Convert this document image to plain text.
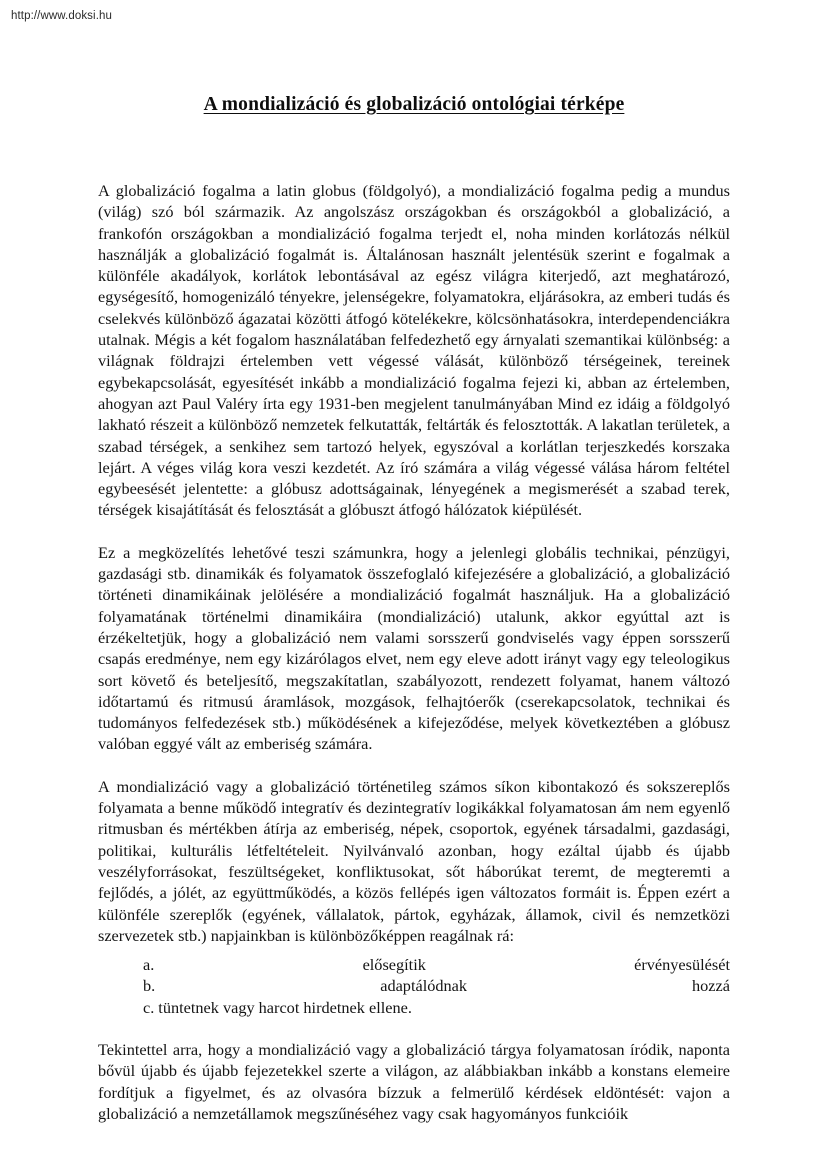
http://www.doksi.hu
A mondializáció és globalizáció ontológiai térképe

A globalizáció fogalma a latin globus (földgolyó), a mondializáció fogalma pedig a mundus (világ) szó ból származik. Az angolszász országokban és országokból a globalizáció, a frankofón országokban a mondializáció fogalma terjedt el, noha minden korlátozás nélkül használják a globalizáció fogalmát is. Általánosan használt jelentésük szerint e fogalmak a különféle akadályok, korlátok lebontásával az egész világra kiterjedő, azt meghatározó, egységesítő, homogenizáló tényekre, jelenségekre, folyamatokra, eljárásokra, az emberi tudás és cselekvés különböző ágazatai közötti átfogó kötelékekre, kölcsönhatásokra, interdependenciákra utalnak. Mégis a két fogalom használatában felfedezhető egy árnyalati szemantikai különbség: a világnak földrajzi értelemben vett végessé válását, különböző térségeinek, tereinek egybekapcsolását, egyesítését inkább a mondializáció fogalma fejezi ki, abban az értelemben, ahogyan azt Paul Valéry írta egy 1931-ben megjelent tanulmányában Mind ez idáig a földgolyó lakható részeit a különböző nemzetek felkutatták, feltárták és felosztották. A lakatlan területek, a szabad térségek, a senkihez sem tartozó helyek, egyszóval a korlátlan terjeszkedés korszaka lejárt. A véges világ kora veszi kezdetét. Az író számára a világ végessé válása három feltétel egybeesését jelentette: a glóbusz adottságainak, lényegének a megismerését a szabad terek, térségek kisajátítását és felosztását a glóbuszt átfogó hálózatok kiépülését.

Ez a megközelítés lehetővé teszi számunkra, hogy a jelenlegi globális technikai, pénzügyi, gazdasági stb. dinamikák és folyamatok összefoglaló kifejezésére a globalizáció, a globalizáció történeti dinamikáinak jelölésére a mondializáció fogalmát használjuk. Ha a globalizáció folyamatának történelmi dinamikáira (mondializáció) utalunk, akkor egyúttal azt is érzékeltetjük, hogy a globalizáció nem valami sorsszerű gondviselés vagy éppen sorsszerű csapás eredménye, nem egy kizárólagos elvet, nem egy eleve adott irányt vagy egy teleologikus sort követő és beteljesítő, megszakítatlan, szabályozott, rendezett folyamat, hanem változó időtartamú és ritmusú áramlások, mozgások, felhajtóerők (cserekapcsolatok, technikai és tudományos felfedezések stb.) működésének a kifejeződése, melyek következtében a glóbusz valóban eggyé vált az emberiség számára.

A mondializáció vagy a globalizáció történetileg számos síkon kibontakozó és sokszereplős folyamata a benne működő integratív és dezintegratív logikákkal folyamatosan ám nem egyenlő ritmusban és mértékben átírja az emberiség, népek, csoportok, egyének társadalmi, gazdasági, politikai, kulturális létfeltételeit. Nyilvánvaló azonban, hogy ezáltal újabb és újabb veszélyforrásokat, feszültségeket, konfliktusokat, sőt háborúkat teremt, de megteremti a fejlődés, a jólét, az együttműködés, a közös fellépés igen változatos formáit is. Éppen ezért a különféle szereplők (egyének, vállalatok, pártok, egyházak, államok, civil és nemzetközi szervezetek stb.) napjainkban is különbözőképpen reagálnak rá:

a.	elősegítik	érvényesülését
b.	adaptálódnak	hozzá
c. tüntetnek vagy harcot hirdetnek ellene.

Tekintettel arra, hogy a mondializáció vagy a globalizáció tárgya folyamatosan íródik, naponta bővül újabb és újabb fejezetekkel szerte a világon, az alábbiakban inkább a konstans elemeire fordítjuk a figyelmet, és az olvasóra bízzuk a felmerülő kérdések eldöntését: vajon a globalizáció a nemzetállamok megszűnéséhez vagy csak hagyományos funkcióik
